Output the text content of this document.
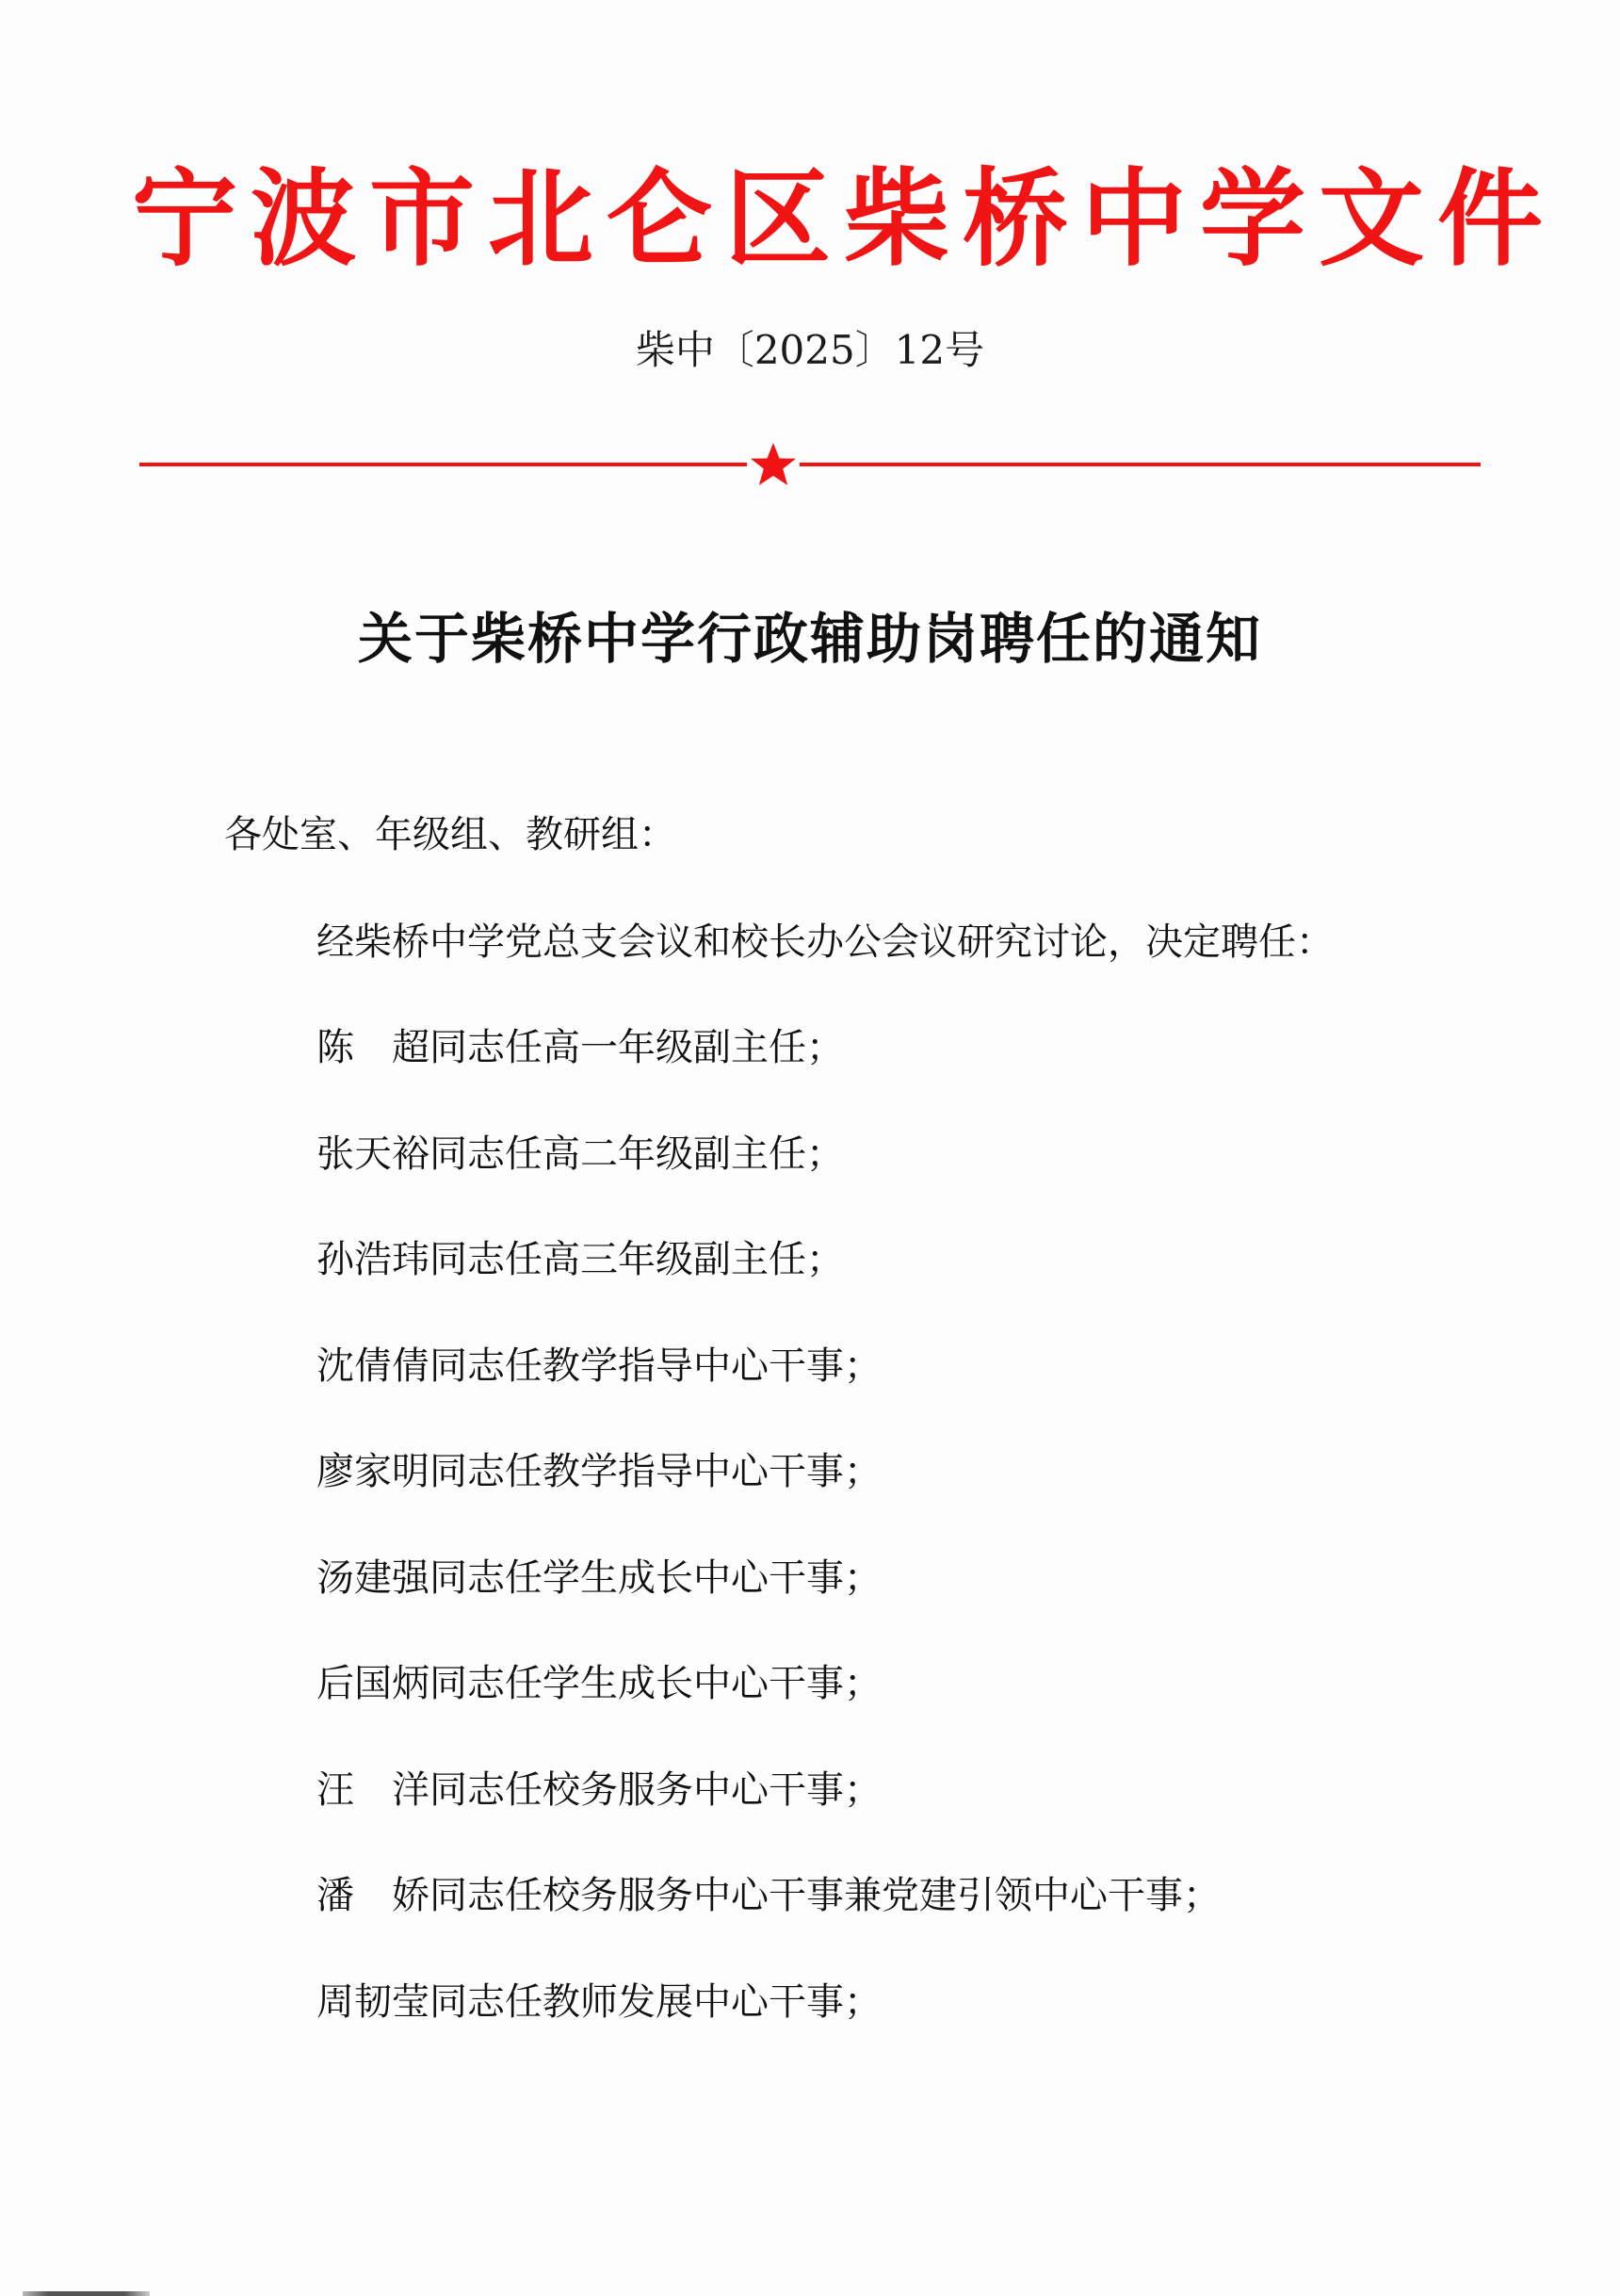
宁波市北仑区柴桥中学文件
柴中〔2025〕12号
关于柴桥中学行政辅助岗聘任的通知
各处室、年级组、教研组：
经柴桥中学党总支会议和校长办公会议研究讨论，决定聘任：
陈　超同志任高一年级副主任；
张天裕同志任高二年级副主任；
孙浩玮同志任高三年级副主任；
沈倩倩同志任教学指导中心干事；
廖家明同志任教学指导中心干事；
汤建强同志任学生成长中心干事；
后国炳同志任学生成长中心干事；
汪　洋同志任校务服务中心干事；
潘　娇同志任校务服务中心干事兼党建引领中心干事；
周韧莹同志任教师发展中心干事；
